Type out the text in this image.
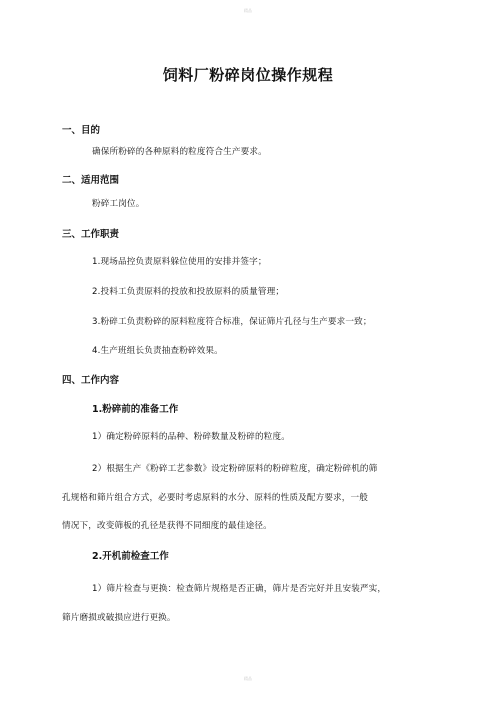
精品
饲料厂粉碎岗位操作规程
一、目的
确保所粉碎的各种原料的粒度符合生产要求。
二、适用范围
粉碎工岗位。
三、工作职责
1.现场品控负责原料躲位使用的安排并签字；
2.投料工负责原料的投放和投放原料的质量管理；
3.粉碎工负责粉碎的原料粒度符合标准，保证筛片孔径与生产要求一致；
4.生产班组长负责抽查粉碎效果。
四、工作内容
1.粉碎前的准备工作
1）确定粉碎原料的品种、粉碎数量及粉碎的粒度。
2）根据生产《粉碎工艺参数》设定粉碎原料的粉碎粒度，确定粉碎机的筛
孔规格和筛片组合方式，必要时考虑原料的水分、原料的性质及配方要求，一般
情况下，改变筛板的孔径是获得不同细度的最佳途径。
2.开机前检查工作
1）筛片检查与更换：检查筛片规格是否正确，筛片是否完好并且安装严实，
筛片磨损或破损应进行更换。
精品
